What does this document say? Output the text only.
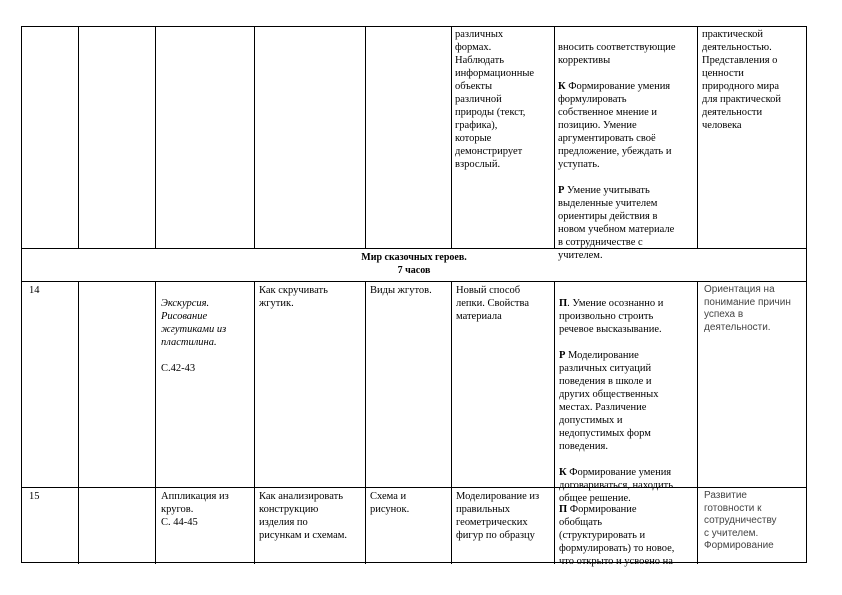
различных
формах.
Наблюдать
информационные
объекты
различной
природы (текст,
графика),
которые
демонстрирует
взрослый.

вносить соответствующие
коррективы

К Формирование умения
формулировать
собственное мнение и
позицию. Умение
аргументировать своё
предложение, убеждать и
уступать.

Р Умение учитывать
выделенные учителем
ориентиры действия в
новом учебном материале
в сотрудничестве с
учителем.

практической
деятельностью.
Представления о
ценности
природного мира
для практической
деятельности
человека
Мир сказочных героев.
7 часов
14

Экскурсия.
Рисование
жгутиками из
пластилина.

С.42-43

Как скручивать
жгутик.
Виды жгутов.	Новый способ
лепки. Свойства
материала

П. Умение осознанно и
произвольно строить
речевое высказывание.

Р Моделирование
различных ситуаций
поведения в школе и
других общественных
местах. Различение
допустимых и
недопустимых форм
поведения.

К Формирование умения
договариваться, находить
общее решение.

Ориентация на
понимание причин
успеха в
деятельности.
15	Аппликация из
кругов.
С. 44-45
Как анализировать
конструкцию
изделия по
рисункам и схемам.
Схема и
рисунок.
Моделирование из
правильных
геометрических
фигур по образцу

П Формирование
обобщать
(структурировать и
формулировать) то новое,
что открыто и усвоено на

Развитие
готовности к
сотрудничеству
с учителем.
Формирование
